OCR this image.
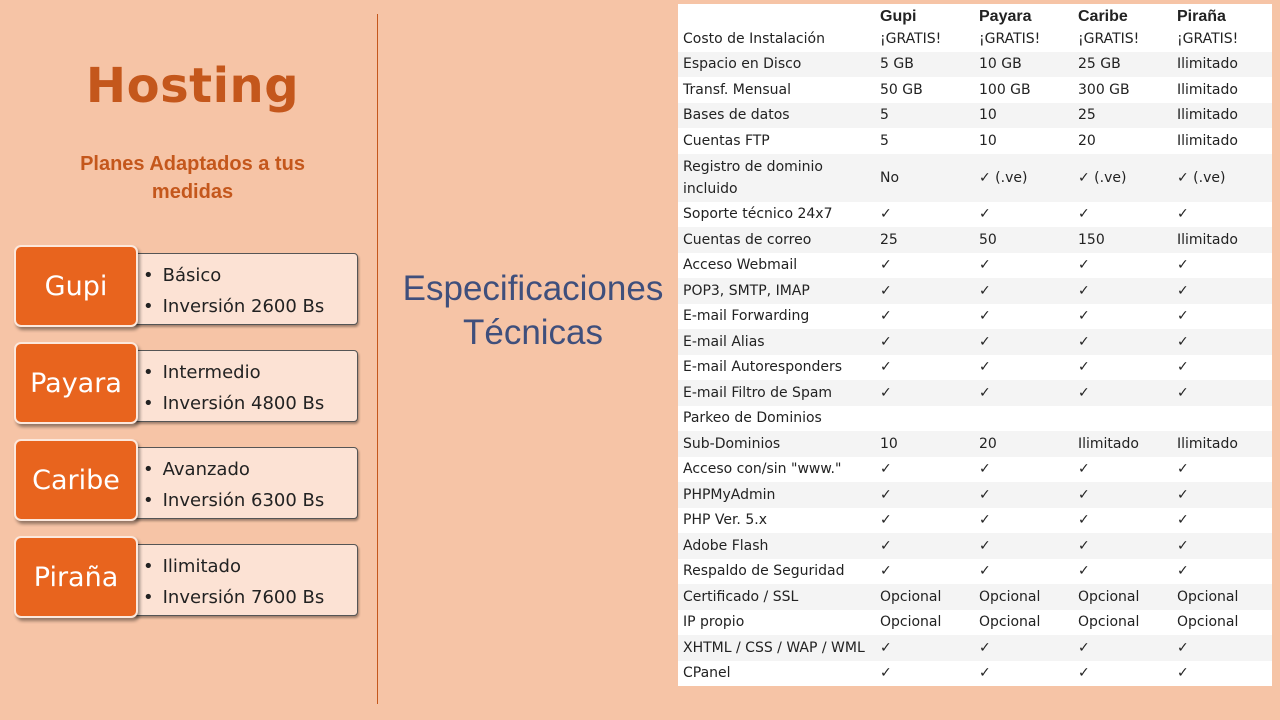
Hosting
Planes Adaptados a tus medidas
• Básico
• Inversión 2600 Bs
Gupi
• Intermedio
• Inversión 4800 Bs
Payara
• Avanzado
• Inversión 6300 Bs
Caribe
• Ilimitado
• Inversión 7600 Bs
Piraña
Especificaciones Técnicas
	Gupi	Payara	Caribe	Piraña
Costo de Instalación	¡GRATIS!	¡GRATIS!	¡GRATIS!	¡GRATIS!
Espacio en Disco	5 GB	10 GB	25 GB	Ilimitado
Transf. Mensual	50 GB	100 GB	300 GB	Ilimitado
Bases de datos	5	10	25	Ilimitado
Cuentas FTP	5	10	20	Ilimitado
Registro de dominio incluido	No	✓ (.ve)	✓ (.ve)	✓ (.ve)
Soporte técnico 24x7	✓	✓	✓	✓
Cuentas de correo	25	50	150	Ilimitado
Acceso Webmail	✓	✓	✓	✓
POP3, SMTP, IMAP	✓	✓	✓	✓
E-mail Forwarding	✓	✓	✓	✓
E-mail Alias	✓	✓	✓	✓
E-mail Autoresponders	✓	✓	✓	✓
E-mail Filtro de Spam	✓	✓	✓	✓
Parkeo de Dominios				
Sub-Dominios	10	20	Ilimitado	Ilimitado
Acceso con/sin "www."	✓	✓	✓	✓
PHPMyAdmin	✓	✓	✓	✓
PHP Ver. 5.x	✓	✓	✓	✓
Adobe Flash	✓	✓	✓	✓
Respaldo de Seguridad	✓	✓	✓	✓
Certificado / SSL	Opcional	Opcional	Opcional	Opcional
IP propio	Opcional	Opcional	Opcional	Opcional
XHTML / CSS / WAP / WML	✓	✓	✓	✓
CPanel	✓	✓	✓	✓
